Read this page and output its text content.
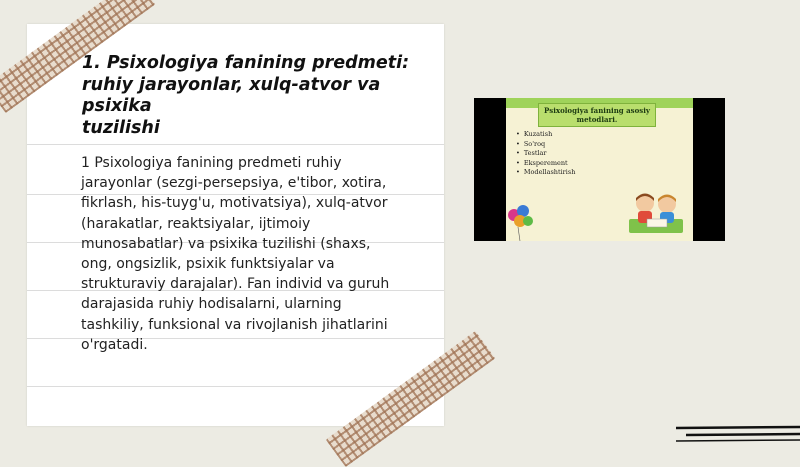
1. Psixologiya fanining predmeti:
ruhiy jarayonlar, xulq-atvor va psixika
tuzilishi
1 Psixologiya fanining predmeti ruhiy
jarayonlar (sezgi-persepsiya, e'tibor, xotira,
fikrlash, his-tuyg'u, motivatsiya), xulq-atvor
(harakatlar, reaktsiyalar, ijtimoiy
munosabatlar) va psixika tuzilishi (shaxs,
ong, ongsizlik, psixik funktsiyalar va
strukturaviy darajalar). Fan individ va guruh
darajasida ruhiy hodisalarni, ularning
tashkiliy, funksional va rivojlanish jihatlarini
o'rgatadi.
Psixologiya fanining asosiy
metodlari.
• Kuzatish
• So'roq
• Testlar
• Eksperement
• Modellashtirish
